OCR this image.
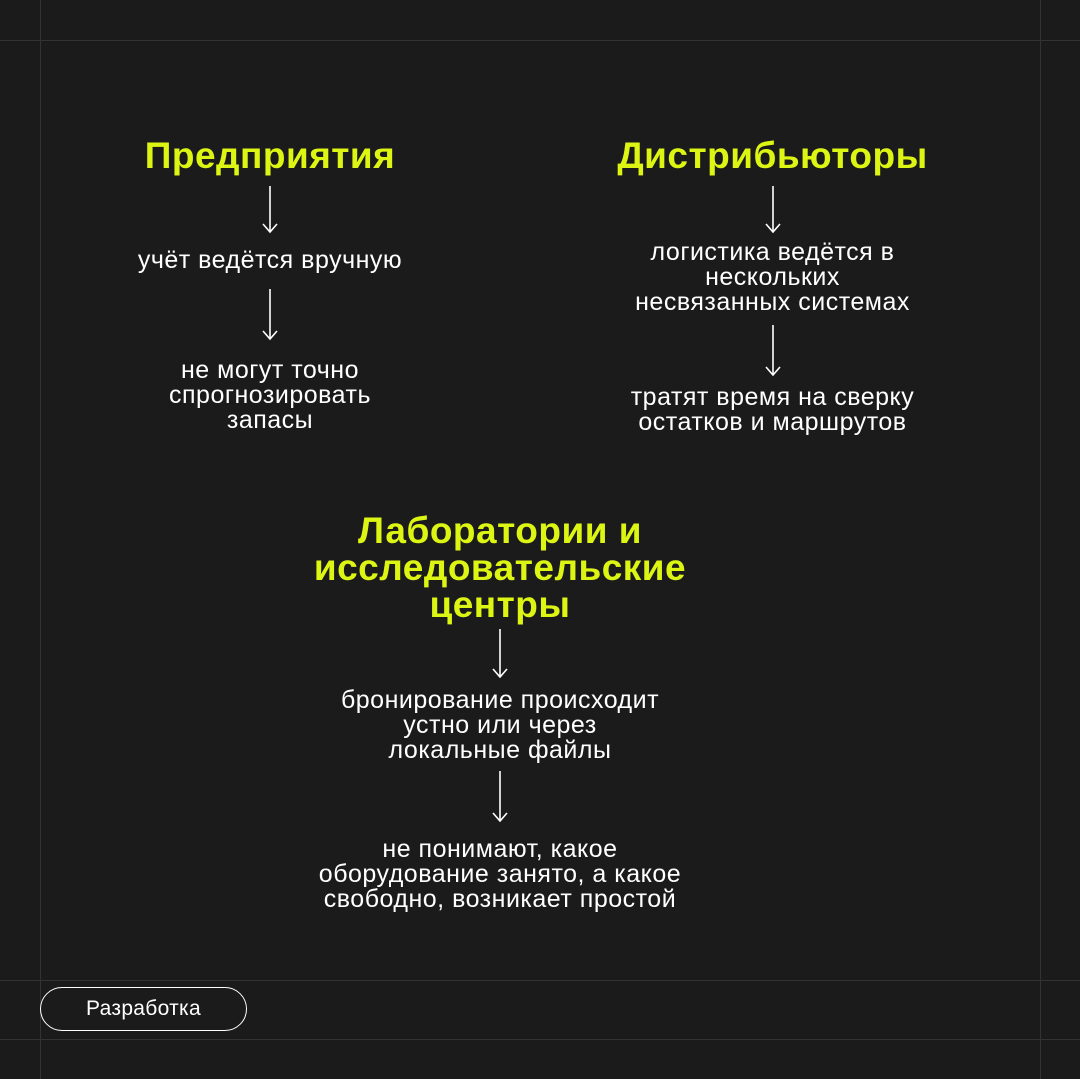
Предприятия
учёт ведётся вручную
не могут точно
спрогнозировать
запасы
Дистрибьюторы
логистика ведётся в
нескольких
несвязанных системах
тратят время на сверку
остатков и маршрутов
Лаборатории и
исследовательские
центры
бронирование происходит
устно или через
локальные файлы
не понимают, какое
оборудование занято, а какое
свободно, возникает простой
Разработка
